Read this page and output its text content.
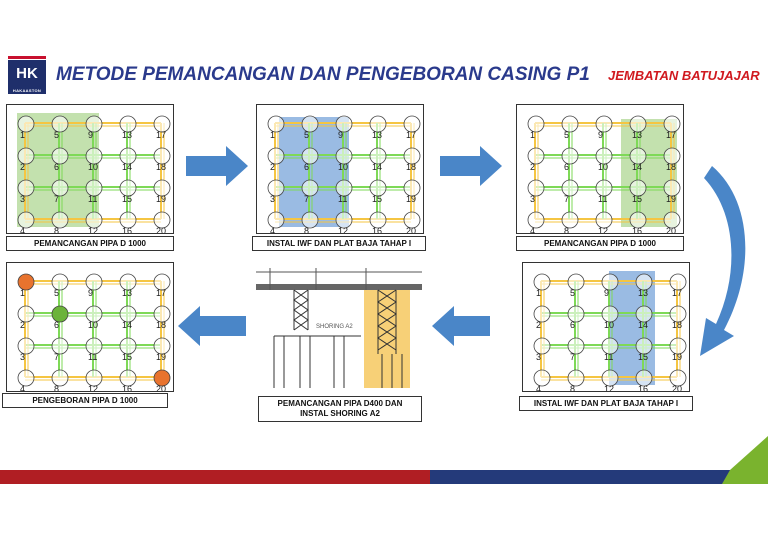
HK
HAKAASTON
METODE PEMANCANGAN DAN PENGEBORAN CASING P1 JEMBATAN BATUJAJAR
1
2
3
4
5
6
7
8
9
10
11
12
13
14
15
16
17
18
19
20
PEMANCANGAN PIPA D 1000
1
2
3
4
5
6
7
8
9
10
11
12
13
14
15
16
17
18
19
20
INSTAL IWF DAN PLAT BAJA TAHAP I
1
2
3
4
5
6
7
8
9
10
11
12
13
14
15
16
17
18
19
20
PEMANCANGAN PIPA D 1000
1
2
3
4
5
6
7
8
9
10
11
12
13
14
15
16
17
18
19
20
INSTAL IWF DAN PLAT BAJA TAHAP I
SHORING A2
PEMANCANGAN PIPA D400 DAN
INSTAL SHORING A2
1
2
3
4
5
6
7
8
9
10
11
12
13
14
15
16
17
18
19
20
PENGEBORAN PIPA D 1000
